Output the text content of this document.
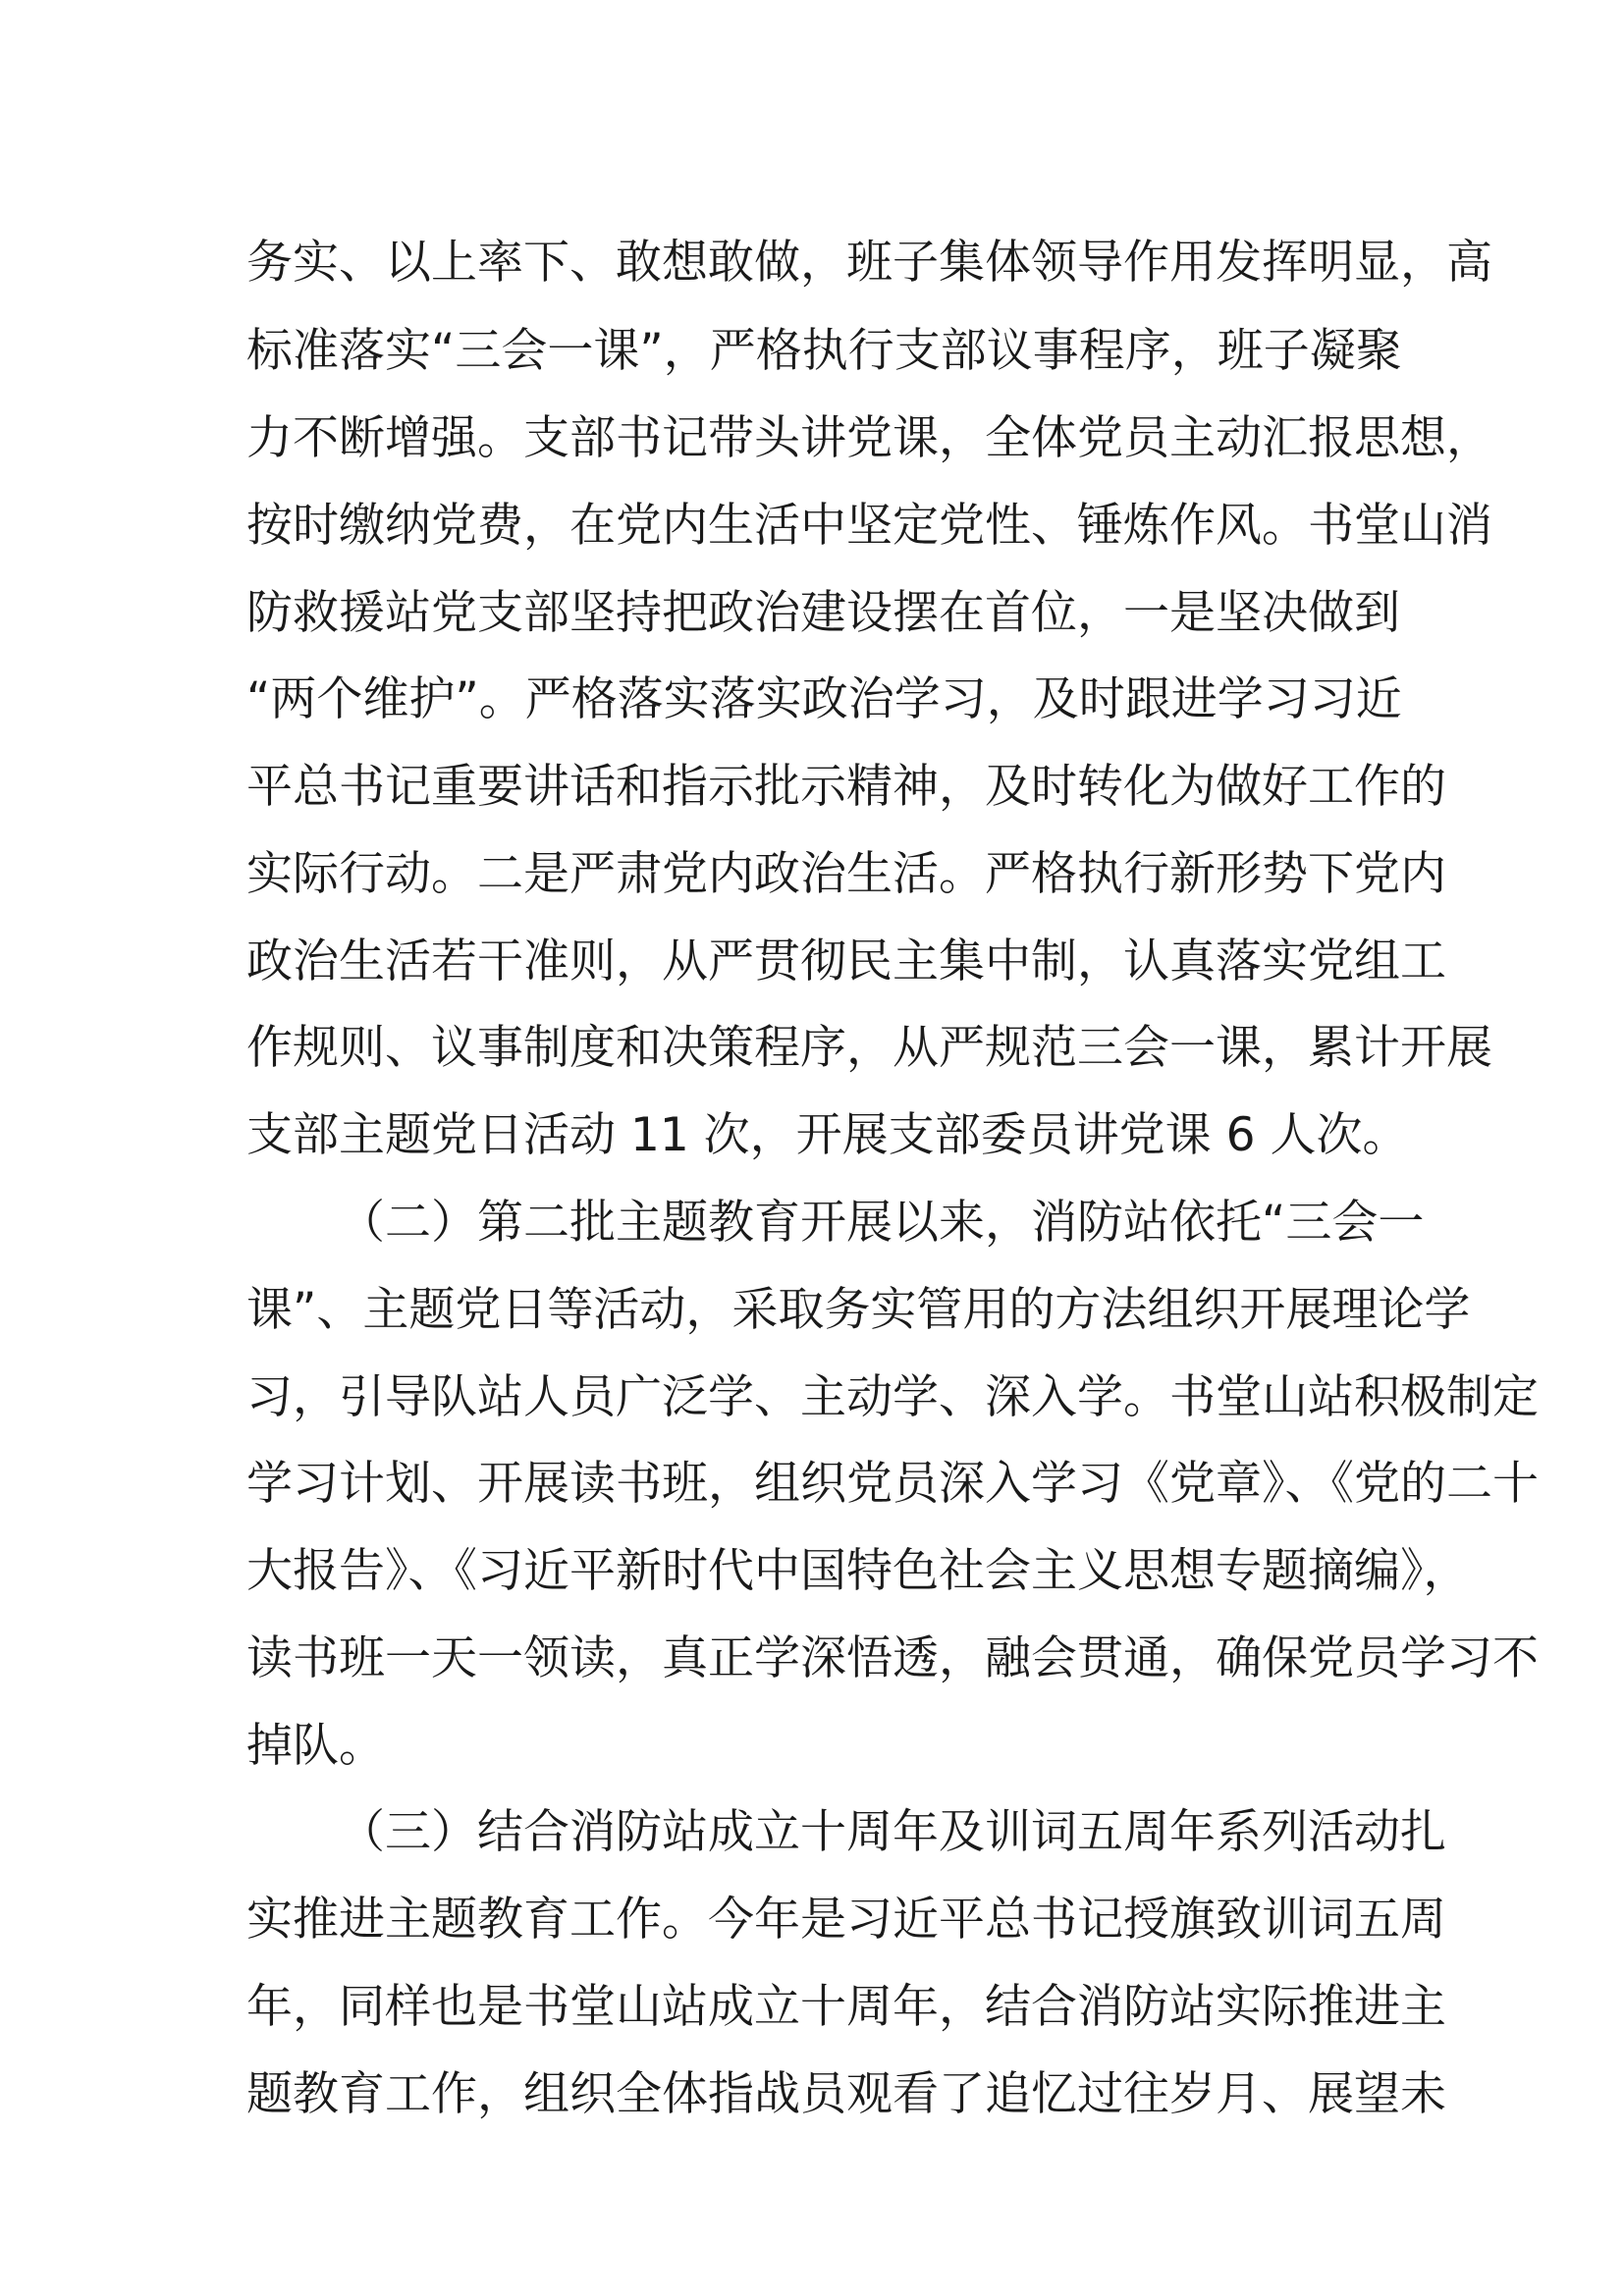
务实、以上率下、敢想敢做，班子集体领导作用发挥明显，高
标准落实“三会一课”，严格执行支部议事程序，班子凝聚
力不断增强。支部书记带头讲党课，全体党员主动汇报思想，
按时缴纳党费，在党内生活中坚定党性、锤炼作风。书堂山消
防救援站党支部坚持把政治建设摆在首位，一是坚决做到
“两个维护”。严格落实落实政治学习，及时跟进学习习近
平总书记重要讲话和指示批示精神，及时转化为做好工作的
实际行动。二是严肃党内政治生活。严格执行新形势下党内
政治生活若干准则，从严贯彻民主集中制，认真落实党组工
作规则、议事制度和决策程序，从严规范三会一课，累计开展
支部主题党日活动 11 次，开展支部委员讲党课 6 人次。
（二）第二批主题教育开展以来，消防站依托“三会一
课”、主题党日等活动，采取务实管用的方法组织开展理论学
习，引导队站人员广泛学、主动学、深入学。书堂山站积极制定
学习计划、开展读书班，组织党员深入学习《党章》、《党的二十
大报告》、《习近平新时代中国特色社会主义思想专题摘编》，
读书班一天一领读，真正学深悟透，融会贯通，确保党员学习不
掉队。
（三）结合消防站成立十周年及训词五周年系列活动扎
实推进主题教育工作。今年是习近平总书记授旗致训词五周
年，同样也是书堂山站成立十周年，结合消防站实际推进主
题教育工作，组织全体指战员观看了追忆过往岁月、展望未
